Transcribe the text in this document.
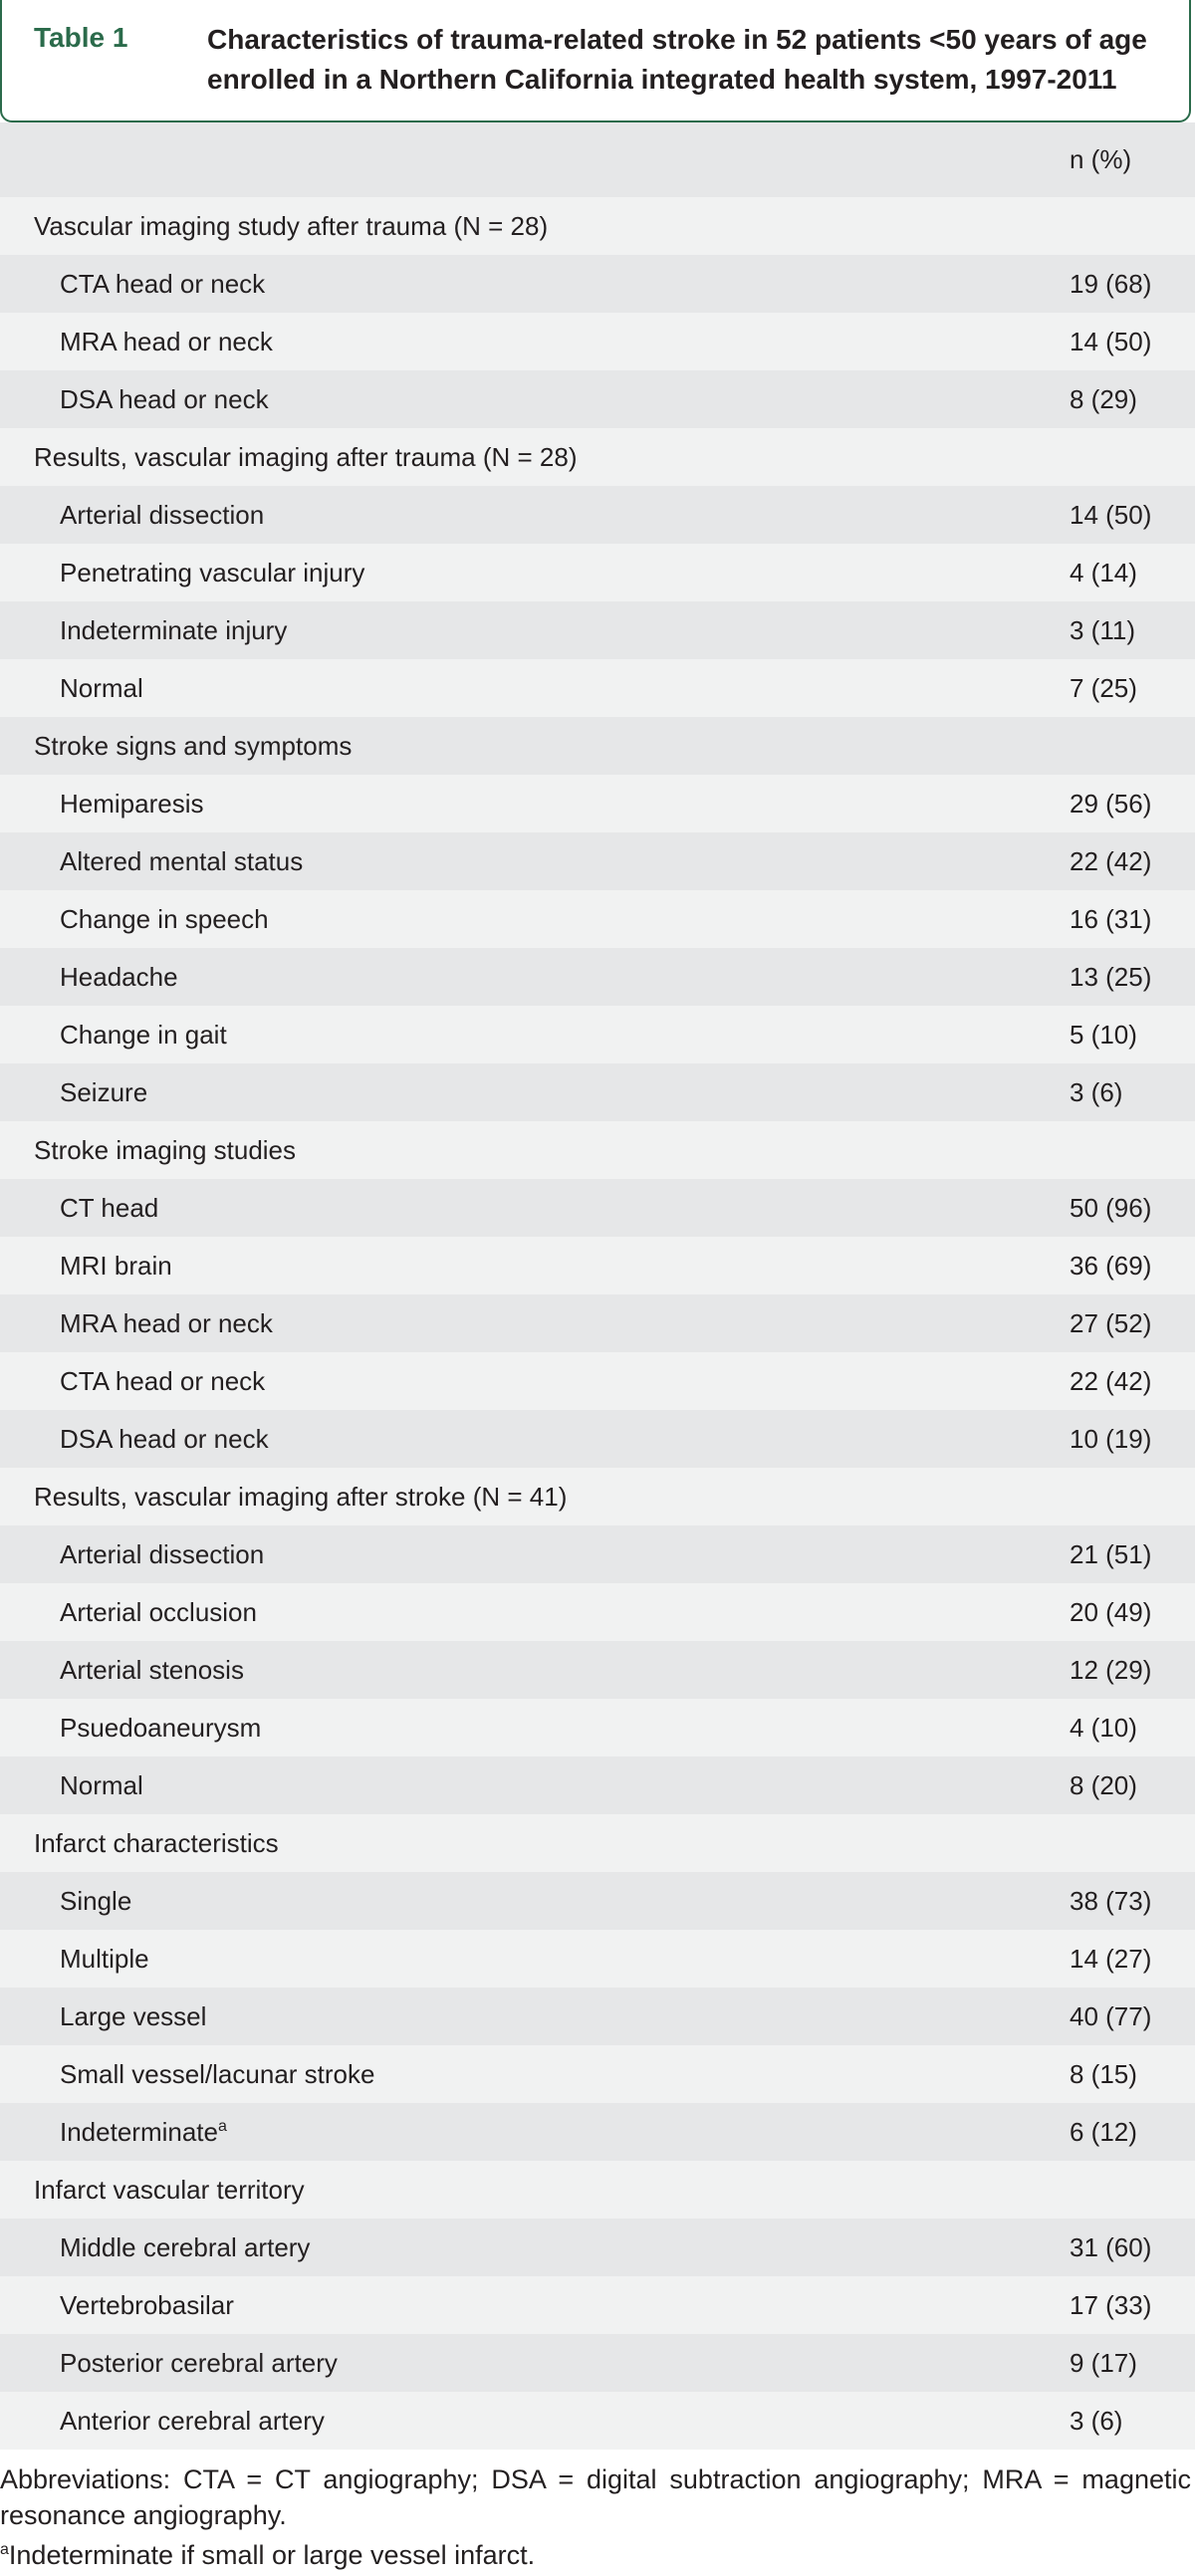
Table 1	Characteristics of trauma-related stroke in 52 patients <50 years of age enrolled in a Northern California integrated health system, 1997-2011
n (%)
Vascular imaging study after trauma (N = 28)
CTA head or neck	19 (68)
MRA head or neck	14 (50)
DSA head or neck	8 (29)
Results, vascular imaging after trauma (N = 28)
Arterial dissection	14 (50)
Penetrating vascular injury	4 (14)
Indeterminate injury	3 (11)
Normal	7 (25)
Stroke signs and symptoms
Hemiparesis	29 (56)
Altered mental status	22 (42)
Change in speech	16 (31)
Headache	13 (25)
Change in gait	5 (10)
Seizure	3 (6)
Stroke imaging studies
CT head	50 (96)
MRI brain	36 (69)
MRA head or neck	27 (52)
CTA head or neck	22 (42)
DSA head or neck	10 (19)
Results, vascular imaging after stroke (N = 41)
Arterial dissection	21 (51)
Arterial occlusion	20 (49)
Arterial stenosis	12 (29)
Psuedoaneurysm	4 (10)
Normal	8 (20)
Infarct characteristics
Single	38 (73)
Multiple	14 (27)
Large vessel	40 (77)
Small vessel/lacunar stroke	8 (15)
Indeterminate$^a$	6 (12)
Infarct vascular territory
Middle cerebral artery	31 (60)
Vertebrobasilar	17 (33)
Posterior cerebral artery	9 (17)
Anterior cerebral artery	3 (6)
Abbreviations: CTA = CT angiography; DSA = digital subtraction angiography; MRA = magnetic resonance angiography.
$^a$Indeterminate if small or large vessel infarct.
